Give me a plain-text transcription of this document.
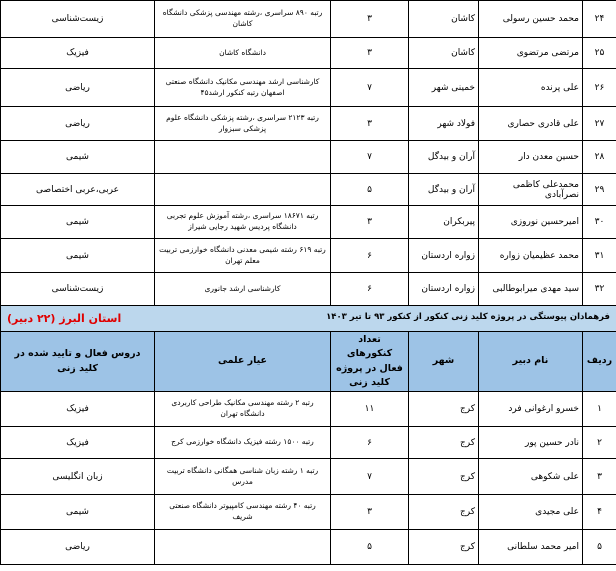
۲۴	محمد حسین رسولی	کاشان	۳	رتبه ۸۹۰ سراسری ،رشته مهندسی پزشکی دانشگاه کاشان	زیست‌شناسی
۲۵	مرتضی مرتضوی	کاشان	۳	دانشگاه کاشان	فیزیک
۲۶	علی پرنده	خمینی شهر	۷	کارشناسی ارشد مهندسی مکانیک دانشگاه صنعتی اصفهان رتبه کنکور ارشد۴۵	ریاضی
۲۷	علی قادری حصاری	فولاد شهر	۳	رتبه ۲۱۲۳ سراسری ،رشته پزشکی دانشگاه علوم پزشکی سبزوار	ریاضی
۲۸	حسین معدن دار	آران و بیدگل	۷		شیمی
۲۹	محمدعلی کاظمی نصرآبادی	آران و بیدگل	۵		عربی،عربی اختصاصی
۳۰	امیرحسین نوروزی	پیربکران	۳	رتبه ۱۸۶۷۱ سراسری ،رشته آموزش علوم تجربی دانشگاه پردیس شهید رجایی شیراز	شیمی
۳۱	محمد عظیمیان زواره	زواره اردستان	۶	رتبه ۶۱۹ رشته شیمی معدنی دانشگاه خوارزمی تربیت معلم تهران	شیمی
۳۲	سید مهدی میرابوطالبی	زواره اردستان	۶	کارشناسی ارشد جانوری	زیست‌شناسی

فرهمادان پیوستگی در پروژه کلید زنی کنکور از کنکور ۹۳ تا تیر ۱۴۰۳
استان البرز (۲۲ دبیر)					

ردیف	نام دبیر	شهر	تعداد کنکورهای فعال در پروژه کلید زنی	عیار علمی	دروس فعال و تایید شده در کلید زنی
۱	خسرو ارغوانی فرد	کرج	۱۱	رتبه ۲ رشته مهندسی مکانیک طراحی کاربردی دانشگاه تهران	فیزیک
۲	نادر حسین پور	کرج	۶	رتبه ۱۵۰۰ رشته فیزیک دانشگاه خوارزمی کرج	فیزیک
۳	علی شکوهی	کرج	۷	رتبه ۱ رشته زبان شناسی همگانی دانشگاه تربیت مدرس	زبان انگلیسی
۴	علی مجیدی	کرج	۳	رتبه ۴۰ رشته مهندسی کامپیوتر دانشگاه صنعتی شریف	شیمی
۵	امیر محمد سلطانی	کرج	۵		ریاضی
